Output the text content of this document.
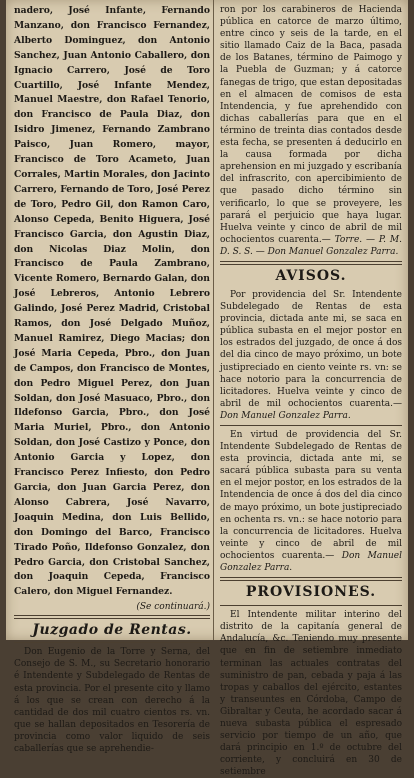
nadero, José Infante, Fernando Manzano, don Francisco Fernandez, Alberto Dominguez, don Antonio Sanchez, Juan Antonio Caballero, don Ignacio Carrero, José de Toro Cuartillo, José Infante Mendez, Manuel Maestre, don Rafael Tenorio, don Francisco de Paula Diaz, don Isidro Jimenez, Fernando Zambrano Paisco, Juan Romero, mayor, Francisco de Toro Acameto, Juan Corrales, Martin Morales, don Jacinto Carrero, Fernando de Toro, José Perez de Toro, Pedro Gil, don Ramon Caro, Alonso Cepeda, Benito Higuera, José Francisco Garcia, don Agustin Diaz, don Nicolas Diaz Molin, don Francisco de Paula Zambrano, Vicente Romero, Bernardo Galan, don José Lebreros, Antonio Lebrero Galindo, José Perez Madrid, Cristobal Ramos, don José Delgado Muñoz, Manuel Ramirez, Diego Macias; don José Maria Cepeda, Pbro., don Juan de Campos, don Francisco de Montes, don Pedro Miguel Perez, don Juan Soldan, don José Masuaco, Pbro., don Ildefonso Garcia, Pbro., don José Maria Muriel, Pbro., don Antonio Soldan, don José Castizo y Ponce, don Antonio Garcia y Lopez, don Francisco Perez Infiesto, don Pedro Garcia, don Juan Garcia Perez, don Alonso Cabrera, José Navarro, Joaquin Medina, don Luis Bellido, don Domingo del Barco, Francisco Tirado Poño, Ildefonso Gonzalez, don Pedro Garcia, don Cristobal Sanchez, don Joaquin Cepeda, Francisco Calero, don Miguel Fernandez.

(Se continuará.)

Juzgado de Rentas.

Don Eugenio de la Torre y Serna, del Consejo de S. M., su Secretario honorario é Intendente y Subdelegado de Rentas de esta provincia. Por el presente cito y llamo á los que se crean con derecho á la cantidad de dos mil cuatro cientos rs. vn. que se hallan depositados en Tesorería de provincia como valor liquido de seis caballerías que se aprehendie-

ron por los carabineros de Hacienda pública en catorce de marzo último, entre cinco y seis de la tarde, en el sitio llamado Caiz de la Baca, pasada de los Batanes, término de Paimogo y la Puebla de Guzman; y á catorce fanegas de trigo, que estan depositadas en el almacen de comisos de esta Intendencia, y fue aprehendido con dichas caballerías para que en el término de treinta dias contados desde esta fecha, se presenten á deducirlo en la causa formada por dicha aprehension en mi juzgado y escribanía del infrascrito, con apercibimiento de que pasado dicho término sin verificarlo, lo que se proveyere, les parará el perjuicio que haya lugar. Huelva veinte y cinco de abril de mil ochocientos cuarenta.— Torre. — P. M. D. S. S. — Don Manuel Gonzalez Parra.

AVISOS.

Por providencia del Sr. Intendente Subdelegado de Rentas de esta provincia, dictada ante mi, se saca en pública subasta en el mejor postor en los estrados del juzgado, de once á dos del dia cinco de mayo próximo, un bote justipreciado en ciento veinte rs. vn: se hace notorio para la concurrencia de licitadores. Huelva veinte y cinco de abril de mil ochocientos cuarenta.— Don Manuel Gonzalez Parra.

En virtud de providencia del Sr. Intendente Subdelegado de Rentas de esta provincia, dictada ante mi, se sacará pública subasta para su venta en el mejor postor, en los estrados de la Intendencia de once á dos del dia cinco de mayo próximo, un bote justipreciado en ochenta rs. vn.: se hace notorio para la concurrencia de licitadores. Huelva veinte y cinco de abril de mil ochocientos cuarenta.— Don Manuel Gonzalez Parra.

PROVISIONES.

El Intendente militar interino del distrito de la capitanía general de Andalucía, &c. Teniendo muy presente que en fin de setiembre inmediato terminan las actuales contratas del suministro de pan, cebada y paja á las tropas y caballos del ejército, estantes y transeuntes en Córdoba, Campo de Gibraltar y Ceuta, he acordado sacar á nueva subasta pública el espresado servicio por tiempo de un año, que dará principio en 1.º de octubre del corriente, y concluirá en 30 de setiembre
